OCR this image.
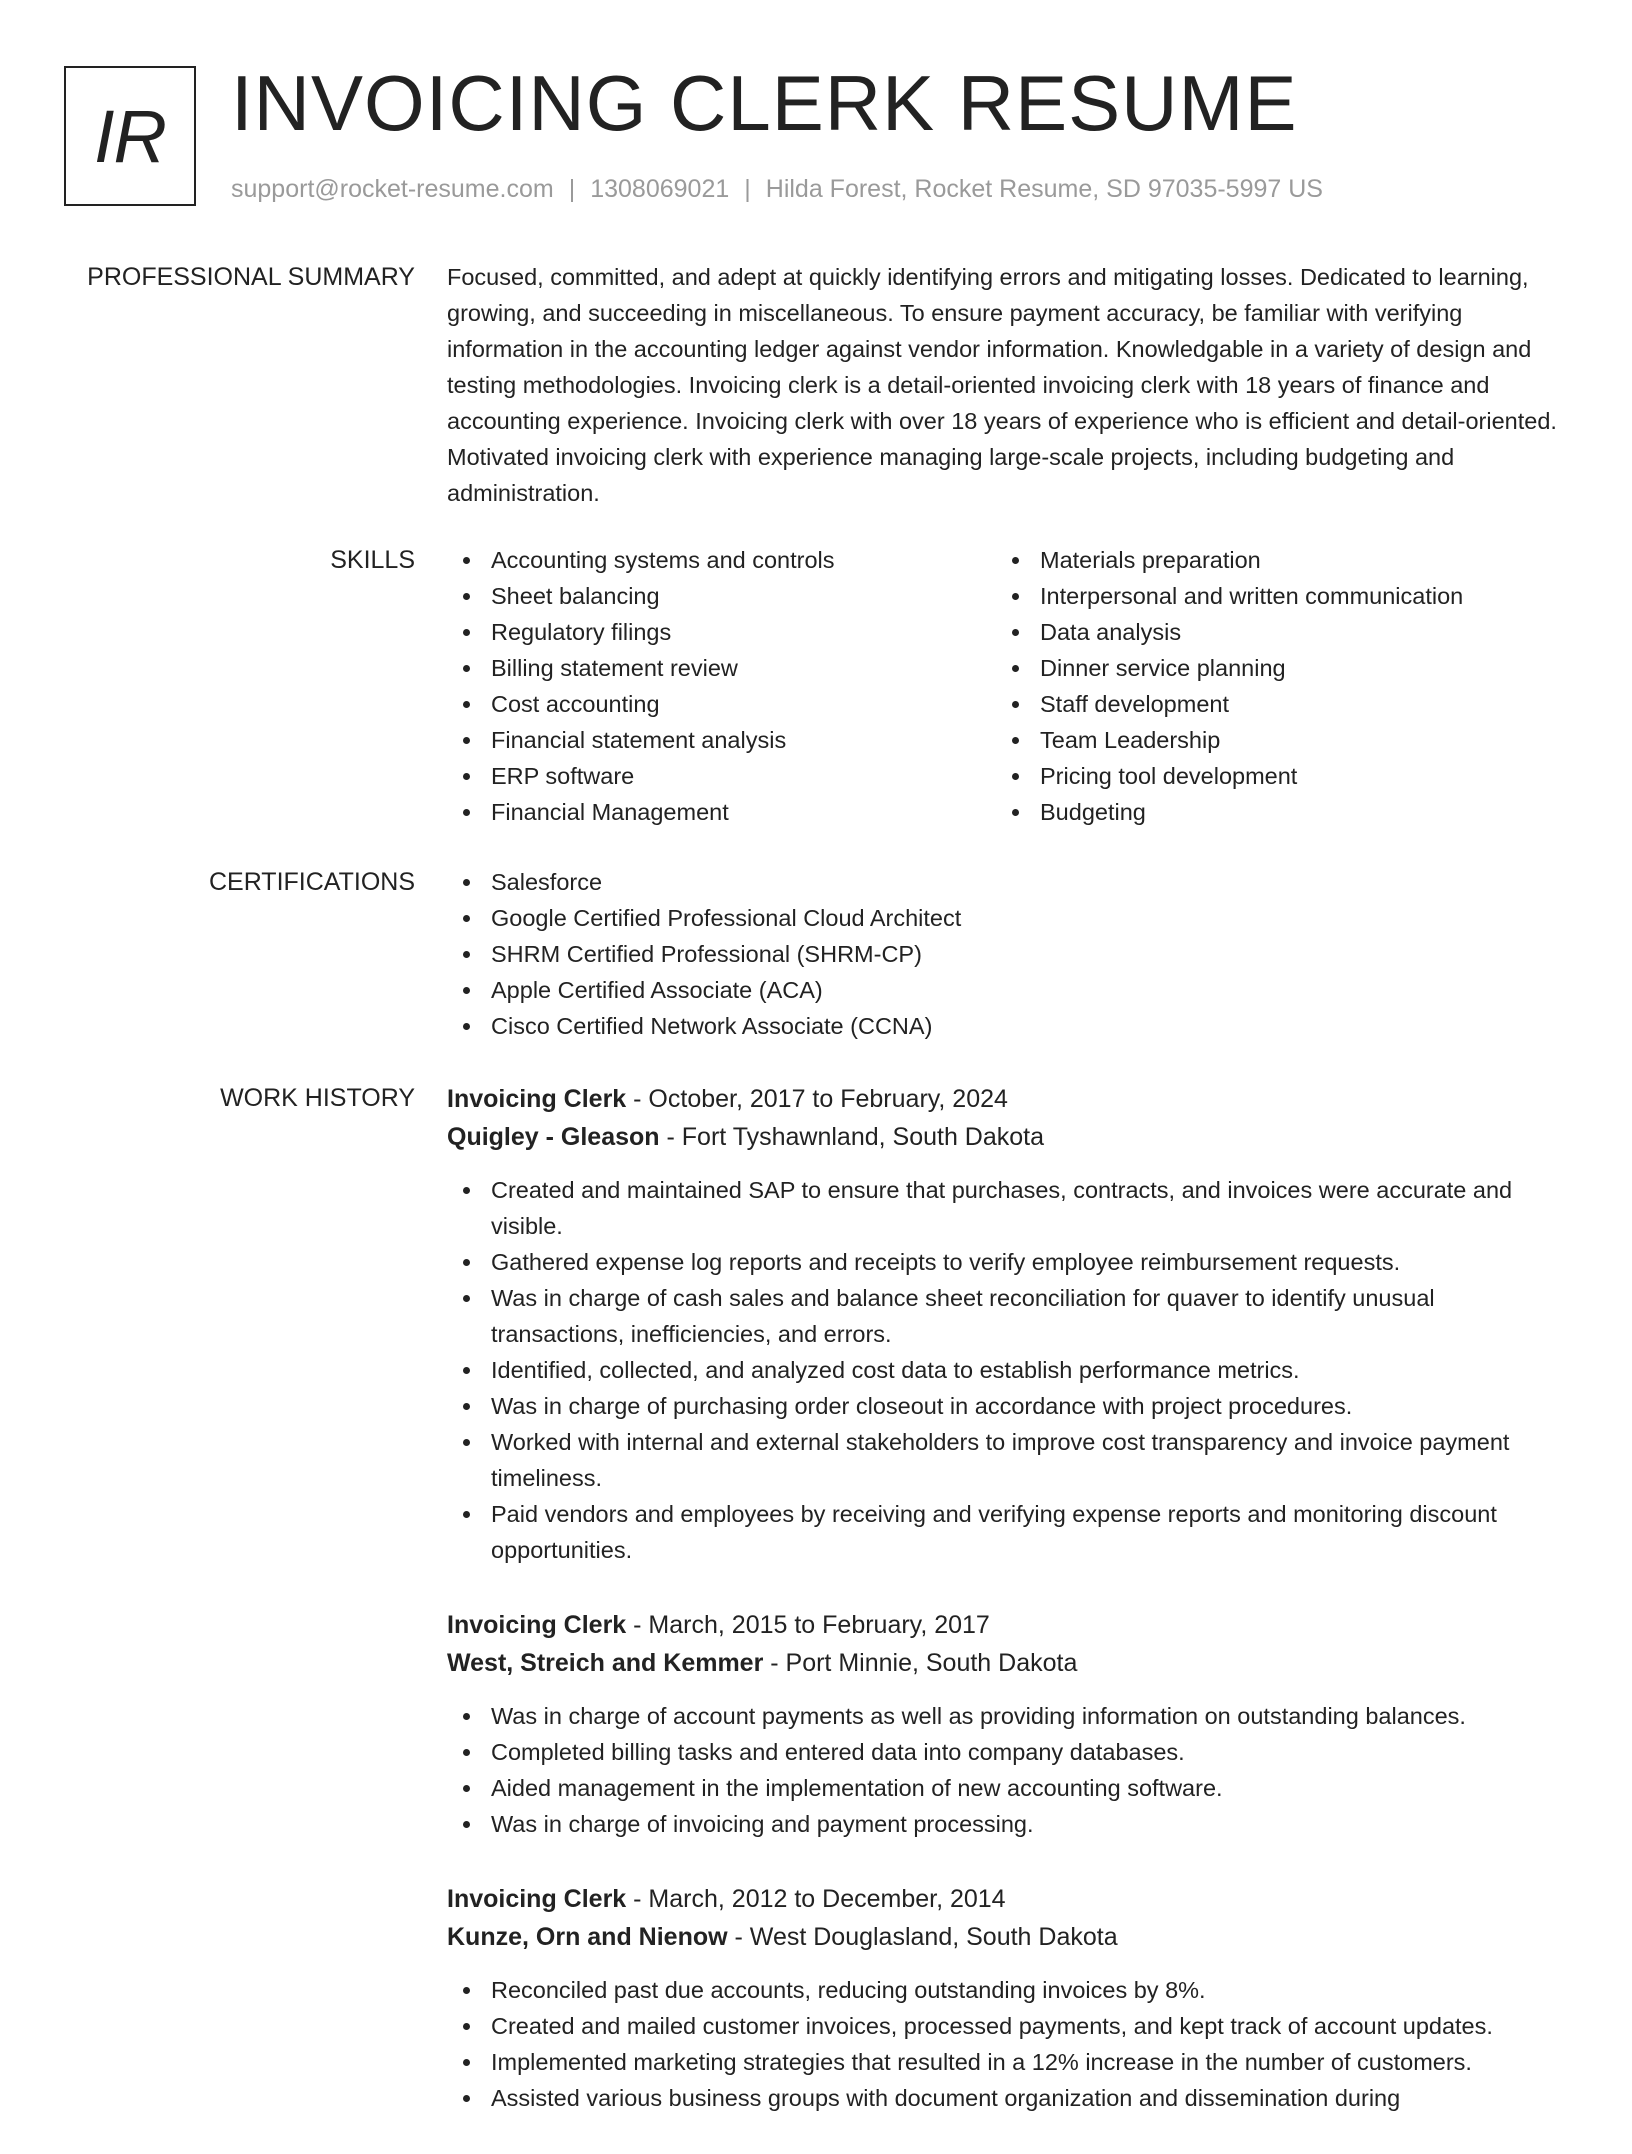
IR INVOICING CLERK RESUME
support@rocket-resume.com | 1308069021 | Hilda Forest, Rocket Resume, SD 97035-5997 US
PROFESSIONAL SUMMARY Focused, committed, and adept at quickly identifying errors and mitigating losses. Dedicated to learning, growing, and succeeding in miscellaneous. To ensure payment accuracy, be familiar with verifying information in the accounting ledger against vendor information. Knowledgable in a variety of design and testing methodologies. Invoicing clerk is a detail-oriented invoicing clerk with 18 years of finance and accounting experience. Invoicing clerk with over 18 years of experience who is efficient and detail-oriented. Motivated invoicing clerk with experience managing large-scale projects, including budgeting and administration.

SKILLS	Accounting systems and controls
Sheet balancing
Regulatory filings
Billing statement review
Cost accounting
Financial statement analysis
ERP software
Financial Management
Materials preparation
Interpersonal and written communication
Data analysis
Dinner service planning
Staff development
Team Leadership
Pricing tool development
Budgeting
CERTIFICATIONS	Salesforce
Google Certified Professional Cloud Architect
SHRM Certified Professional (SHRM-CP)
Apple Certified Associate (ACA)
Cisco Certified Network Associate (CCNA)
WORK HISTORY Invoicing Clerk - October, 2017 to February, 2024
Quigley - Gleason - Fort Tyshawnland, South Dakota
Created and maintained SAP to ensure that purchases, contracts, and invoices were accurate and visible.
Gathered expense log reports and receipts to verify employee reimbursement requests.
Was in charge of cash sales and balance sheet reconciliation for quaver to identify unusual transactions, inefficiencies, and errors.
Identified, collected, and analyzed cost data to establish performance metrics.
Was in charge of purchasing order closeout in accordance with project procedures.
Worked with internal and external stakeholders to improve cost transparency and invoice payment timeliness.
Paid vendors and employees by receiving and verifying expense reports and monitoring discount opportunities.
Invoicing Clerk - March, 2015 to February, 2017
West, Streich and Kemmer - Port Minnie, South Dakota
Was in charge of account payments as well as providing information on outstanding balances.
Completed billing tasks and entered data into company databases.
Aided management in the implementation of new accounting software.
Was in charge of invoicing and payment processing.
Invoicing Clerk - March, 2012 to December, 2014
Kunze, Orn and Nienow - West Douglasland, South Dakota
Reconciled past due accounts, reducing outstanding invoices by 8%.
Created and mailed customer invoices, processed payments, and kept track of account updates.
Implemented marketing strategies that resulted in a 12% increase in the number of customers.
Assisted various business groups with document organization and dissemination during
